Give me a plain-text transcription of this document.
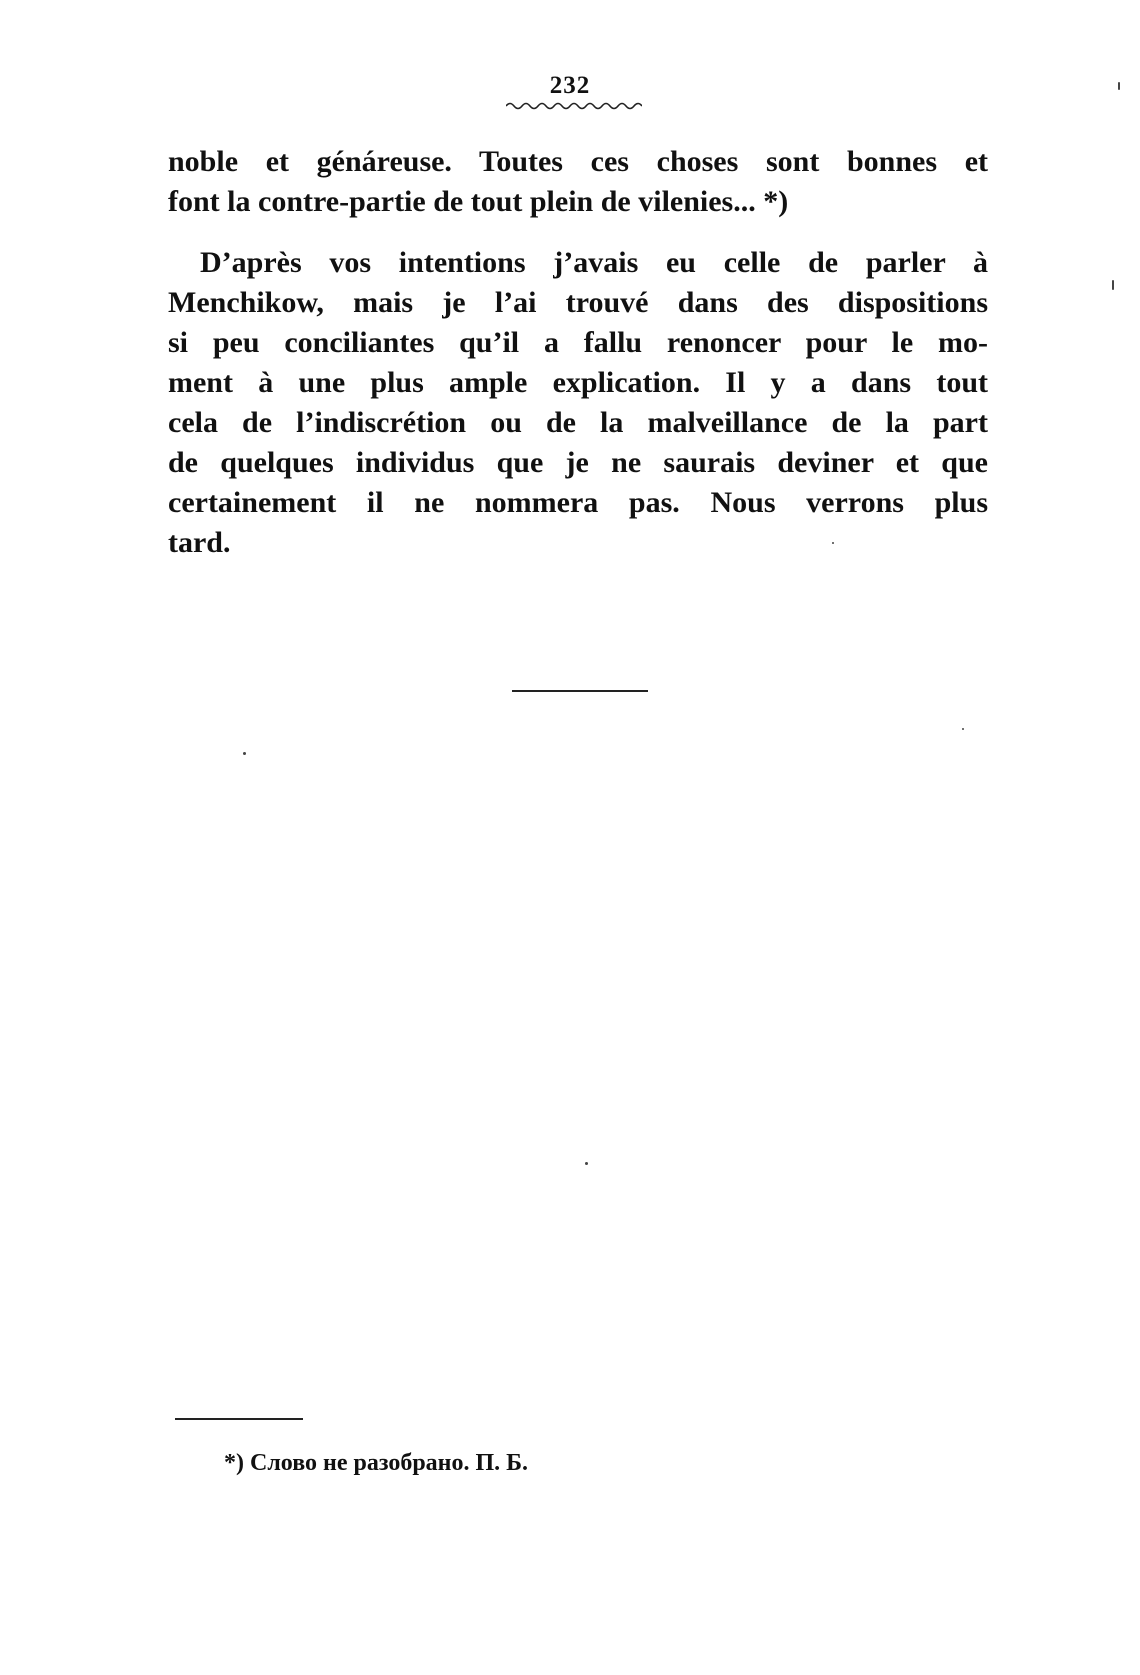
232
noble et génáreuse. Toutes ces choses sont bonnes et
font la contre-partie de tout plein de vilenies... *)
D’après vos intentions j’avais eu celle de parler à
Menchikow, mais je l’ai trouvé dans des dispositions
si peu conciliantes qu’il a fallu renoncer pour le mo-
ment à une plus ample explication. Il y a dans tout
cela de l’indiscrétion ou de la malveillance de la part
de quelques individus que je ne saurais deviner et que
certainement il ne nommera pas. Nous verrons plus
tard.
*) Слово не разобрано. П. Б.
